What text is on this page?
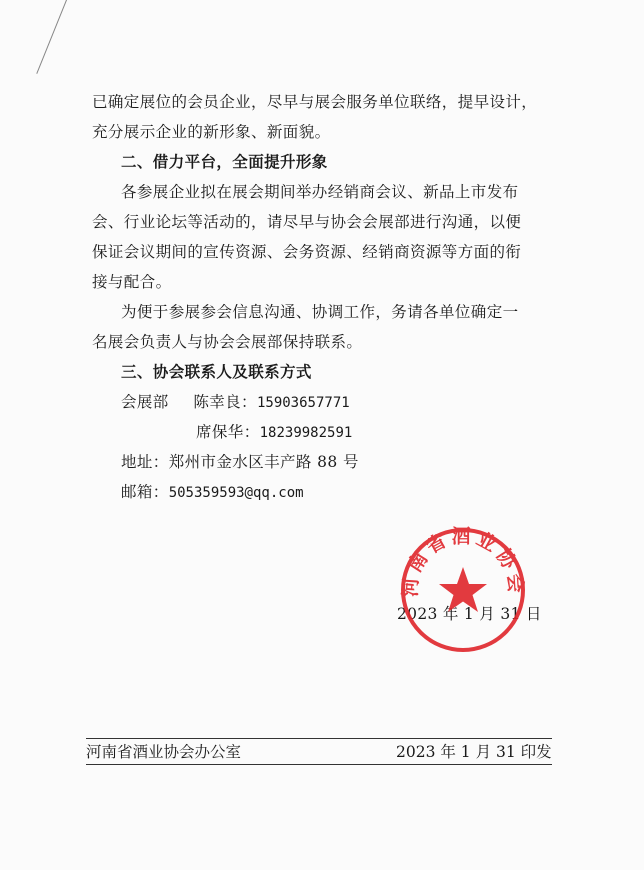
已确定展位的会员企业，尽早与展会服务单位联络，提早设计，
充分展示企业的新形象、新面貌。
二、借力平台，全面提升形象
各参展企业拟在展会期间举办经销商会议、新品上市发布
会、行业论坛等活动的，请尽早与协会会展部进行沟通，以便
保证会议期间的宣传资源、会务资源、经销商资源等方面的衔
接与配合。
为便于参展参会信息沟通、协调工作，务请各单位确定一
名展会负责人与协会会展部保持联系。
三、协会联系人及联系方式
会展部 陈幸良：15903657771
席保华：18239982591
地址：郑州市金水区丰产路 88 号
邮箱：505359593@qq.com
2023 年 1 月 31 日
河南省酒业协会
河南省酒业协会办公室	2023 年 1 月 31 印发
